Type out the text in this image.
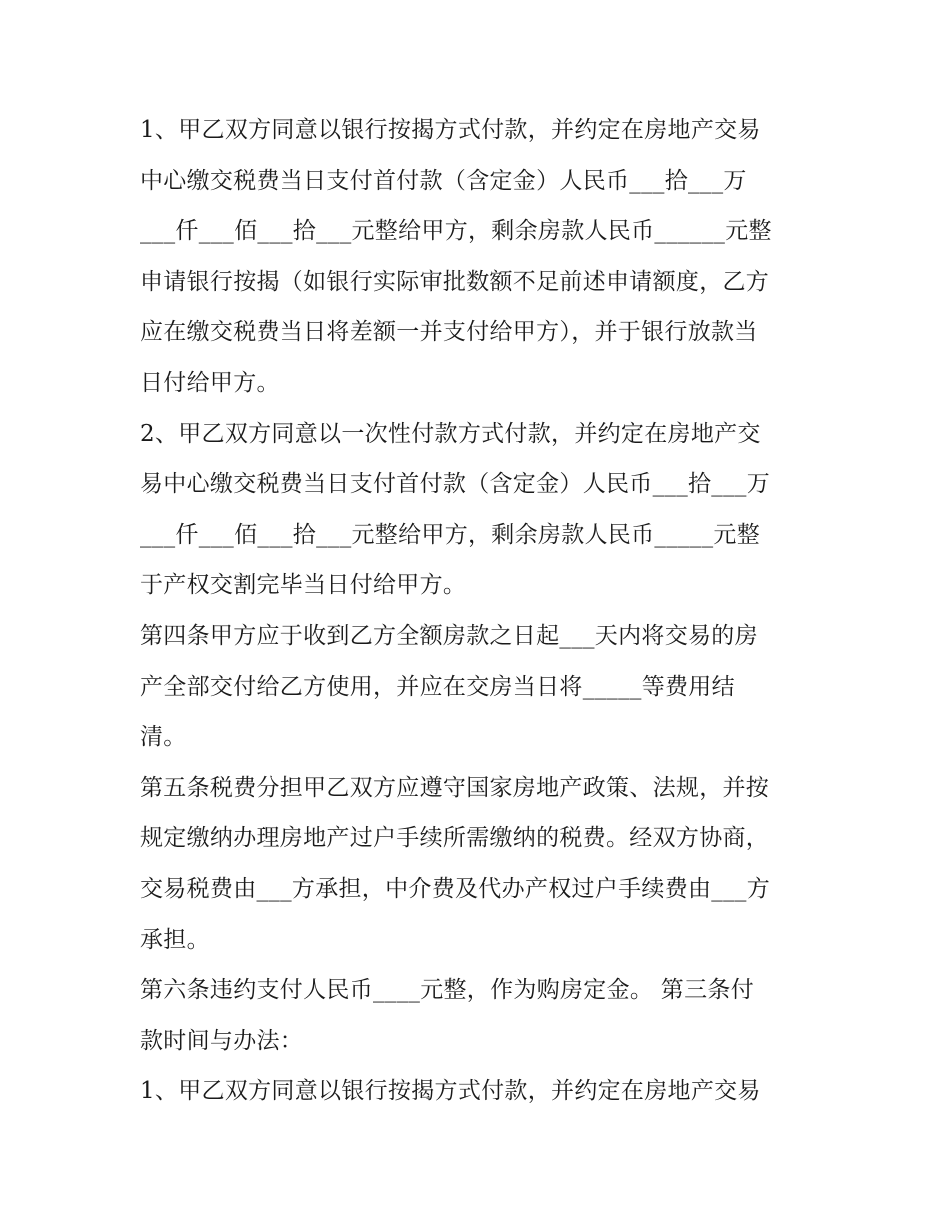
1、甲乙双方同意以银行按揭方式付款，并约定在房地产交易

中心缴交税费当日支付首付款（含定金）人民币___拾___万

___仟___佰___拾___元整给甲方，剩余房款人民币______元整

申请银行按揭（如银行实际审批数额不足前述申请额度，乙方

应在缴交税费当日将差额一并支付给甲方），并于银行放款当

日付给甲方。

2、甲乙双方同意以一次性付款方式付款，并约定在房地产交

易中心缴交税费当日支付首付款（含定金）人民币___拾___万

___仟___佰___拾___元整给甲方，剩余房款人民币_____元整

于产权交割完毕当日付给甲方。

第四条甲方应于收到乙方全额房款之日起___天内将交易的房

产全部交付给乙方使用，并应在交房当日将_____等费用结

清。

第五条税费分担甲乙双方应遵守国家房地产政策、法规，并按

规定缴纳办理房地产过户手续所需缴纳的税费。经双方协商，

交易税费由___方承担，中介费及代办产权过户手续费由___方

承担。

第六条违约支付人民币____元整，作为购房定金。 第三条付

款时间与办法：

1、甲乙双方同意以银行按揭方式付款，并约定在房地产交易
